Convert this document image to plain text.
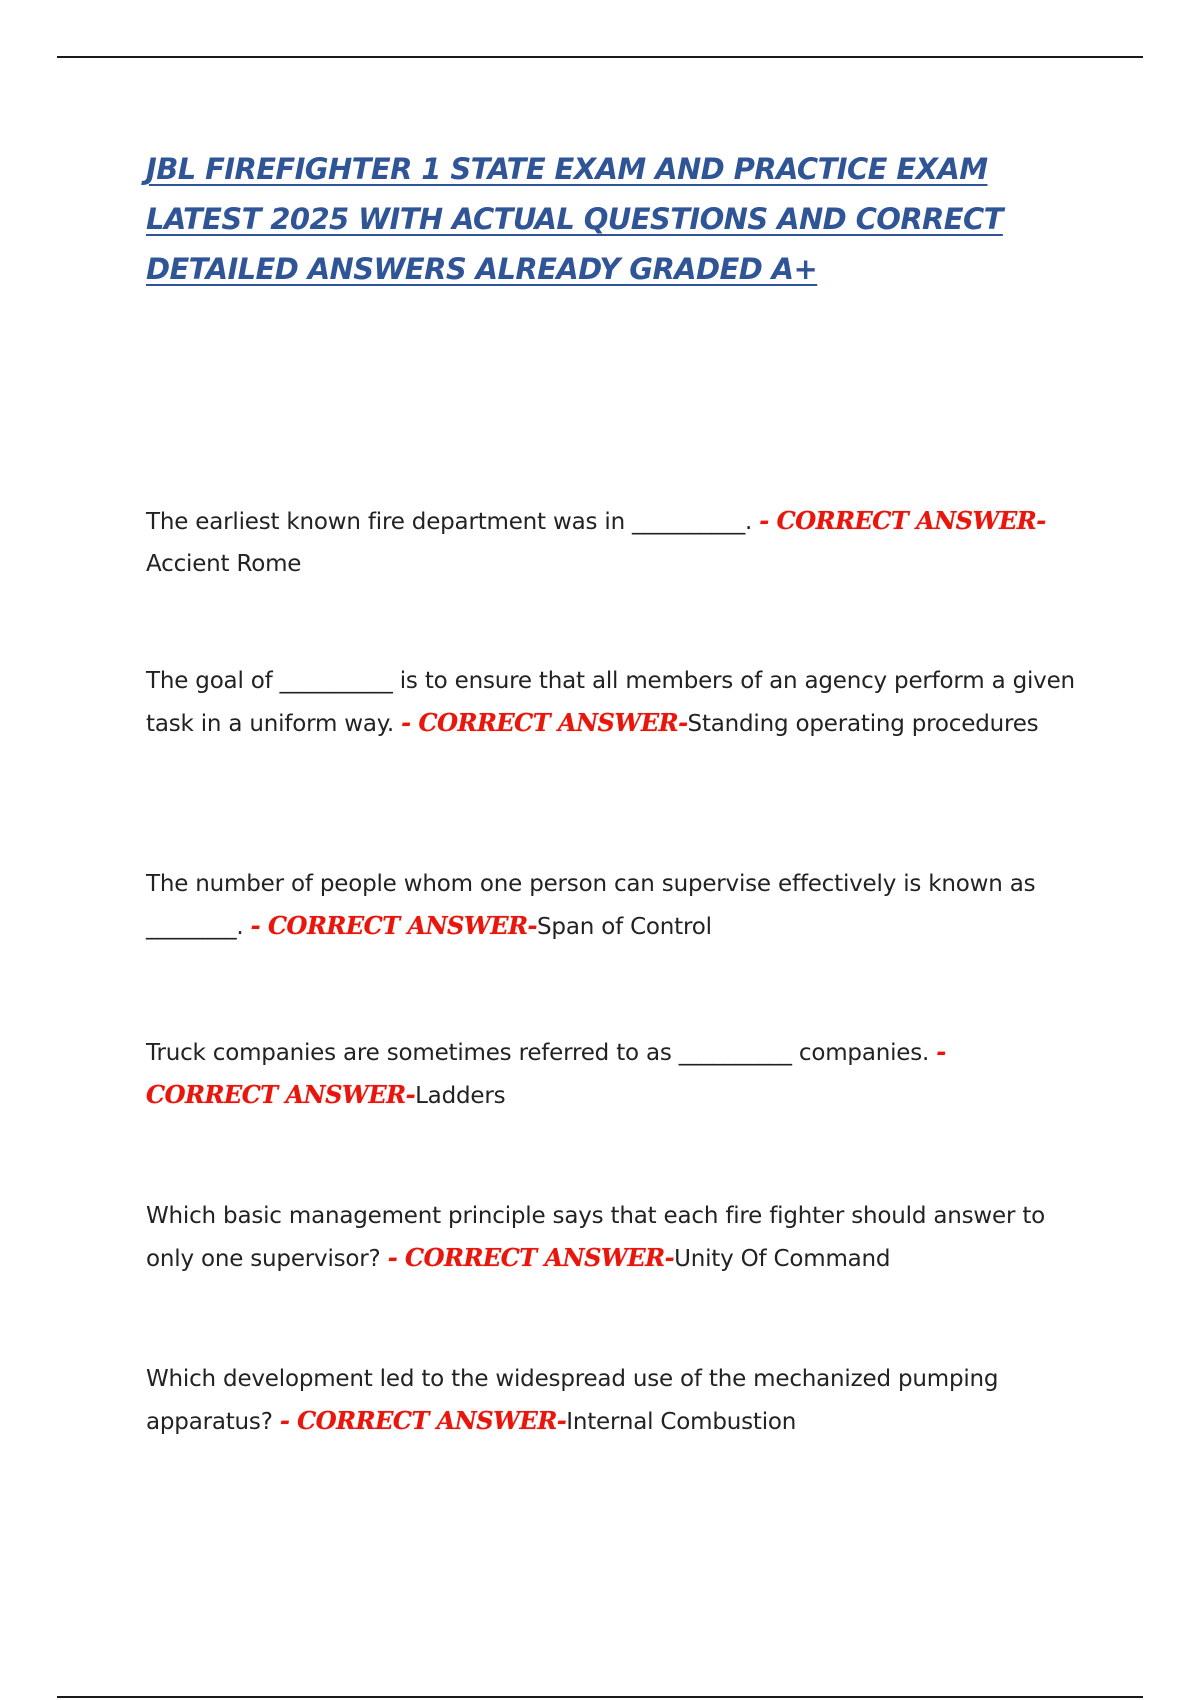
JBL FIREFIGHTER 1 STATE EXAM AND PRACTICE EXAM LATEST 2025 WITH ACTUAL QUESTIONS AND CORRECT DETAILED ANSWERS ALREADY GRADED A+

The earliest known fire department was in __________. - CORRECT ANSWER-Accient Rome

The goal of __________ is to ensure that all members of an agency perform a given task in a uniform way. - CORRECT ANSWER-Standing operating procedures

The number of people whom one person can supervise effectively is known as ________. - CORRECT ANSWER-Span of Control

Truck companies are sometimes referred to as __________ companies. - CORRECT ANSWER-Ladders

Which basic management principle says that each fire fighter should answer to only one supervisor? - CORRECT ANSWER-Unity Of Command

Which development led to the widespread use of the mechanized pumping apparatus? - CORRECT ANSWER-Internal Combustion
